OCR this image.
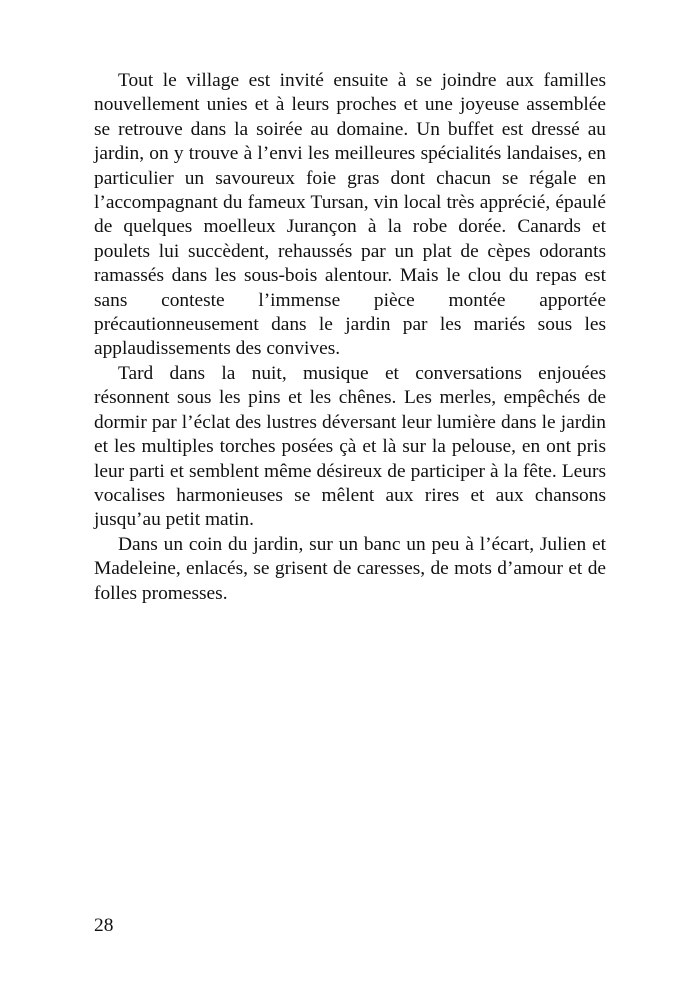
Tout le village est invité ensuite à se joindre aux familles nouvellement unies et à leurs proches et une joyeuse assemblée se retrouve dans la soirée au domaine. Un buffet est dressé au jardin, on y trouve à l’envi les meilleures spécialités landaises, en particulier un savoureux foie gras dont chacun se régale en l’accompagnant du fameux Tursan, vin local très apprécié, épaulé de quelques moelleux Jurançon à la robe dorée. Canards et poulets lui succèdent, rehaussés par un plat de cèpes odorants ramassés dans les sous-bois alentour. Mais le clou du repas est sans conteste l’immense pièce montée apportée précautionneusement dans le jardin par les mariés sous les applaudissements des convives.

Tard dans la nuit, musique et conversations enjouées résonnent sous les pins et les chênes. Les merles, empêchés de dormir par l’éclat des lustres déversant leur lumière dans le jardin et les multiples torches posées çà et là sur la pelouse, en ont pris leur parti et semblent même désireux de participer à la fête. Leurs vocalises harmonieuses se mêlent aux rires et aux chansons jusqu’au petit matin.

Dans un coin du jardin, sur un banc un peu à l’écart, Julien et Madeleine, enlacés, se grisent de caresses, de mots d’amour et de folles promesses.

28
